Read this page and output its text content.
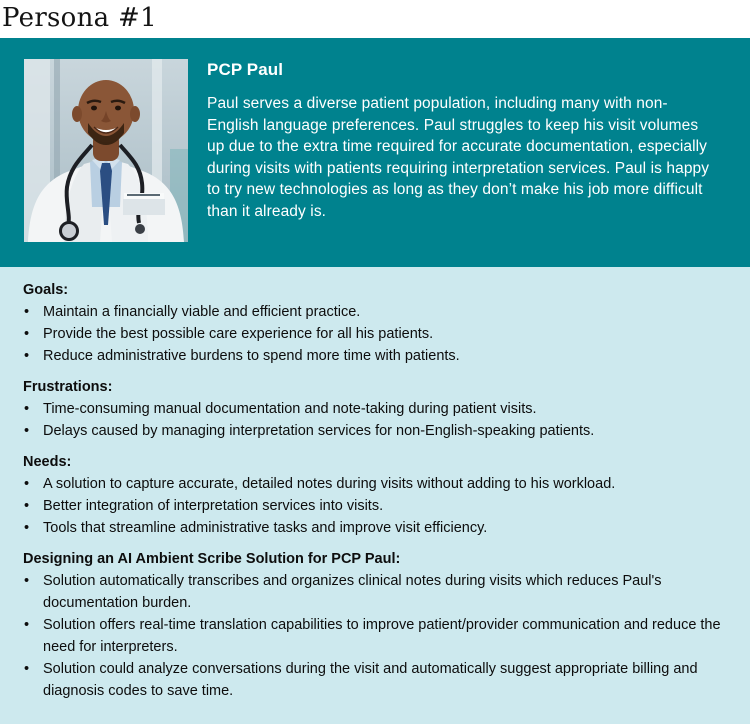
Persona #1

PCP Paul

Paul serves a diverse patient population, including many with non-English language preferences. Paul struggles to keep his visit volumes up due to the extra time required for accurate documentation, especially during visits with patients requiring interpretation services. Paul is happy to try new technologies as long as they don’t make his job more difficult than it already is.

Goals:

• Maintain a financially viable and efficient practice.
• Provide the best possible care experience for all his patients.
• Reduce administrative burdens to spend more time with patients.

Frustrations:

• Time-consuming manual documentation and note-taking during patient visits.
• Delays caused by managing interpretation services for non-English-speaking patients.

Needs:

• A solution to capture accurate, detailed notes during visits without adding to his workload.
• Better integration of interpretation services into visits.
• Tools that streamline administrative tasks and improve visit efficiency.

Designing an AI Ambient Scribe Solution for PCP Paul:

• Solution automatically transcribes and organizes clinical notes during visits which reduces Paul's documentation burden.
• Solution offers real-time translation capabilities to improve patient/provider communication and reduce the need for interpreters.
• Solution could analyze conversations during the visit and automatically suggest appropriate billing and diagnosis codes to save time.
